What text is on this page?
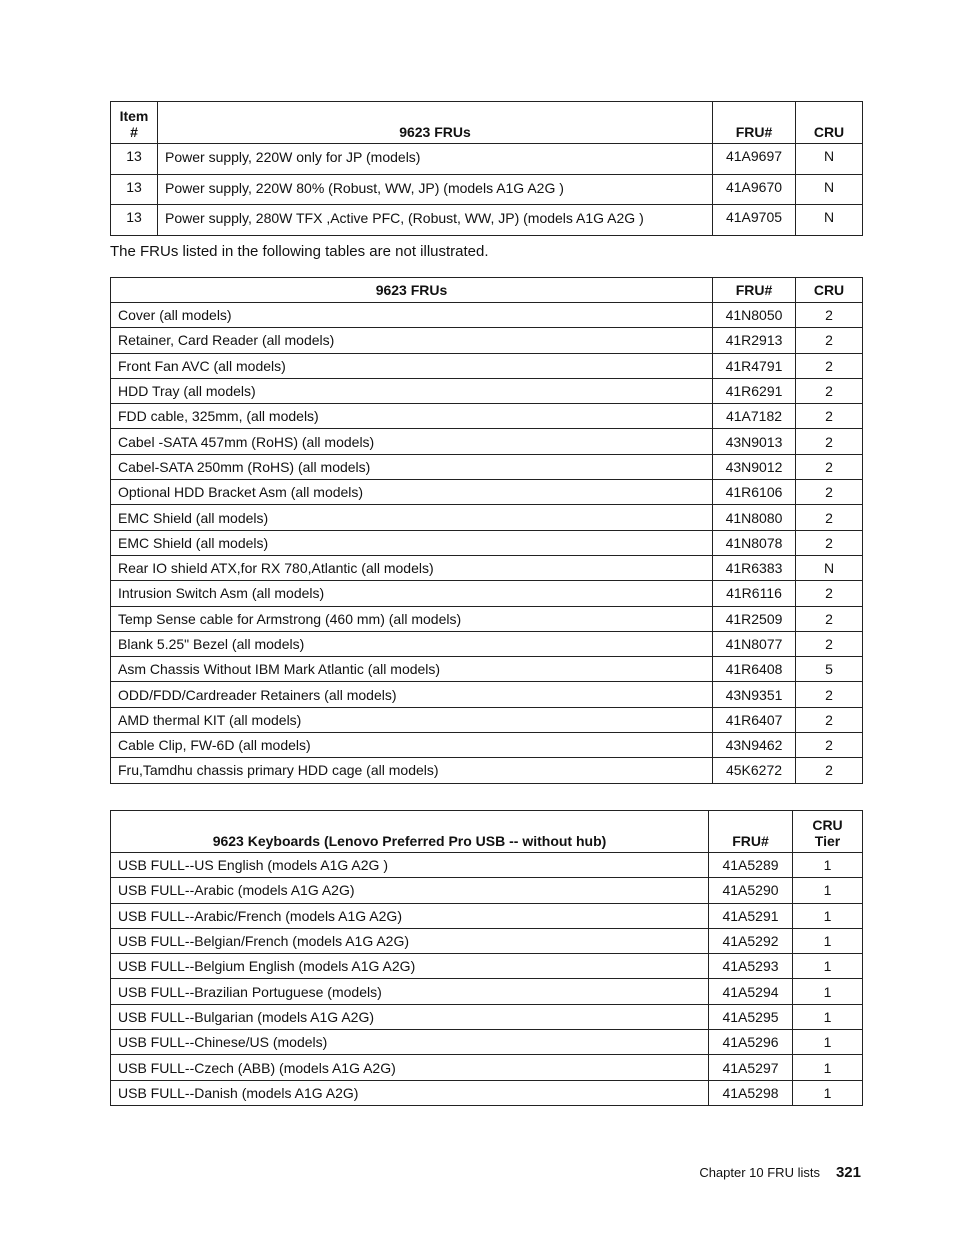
Item
#	9623 FRUs	FRU#	CRU
13	Power supply, 220W only for JP (models)	41A9697	N
13	Power supply, 220W 80% (Robust, WW, JP) (models A1G A2G )	41A9670	N
13	Power supply, 280W TFX ,Active PFC, (Robust, WW, JP) (models A1G A2G )	41A9705	N
The FRUs listed in the following tables are not illustrated.
9623 FRUs	FRU#	CRU
Cover (all models)	41N8050	2
Retainer, Card Reader (all models)	41R2913	2
Front Fan AVC (all models)	41R4791	2
HDD Tray (all models)	41R6291	2
FDD cable, 325mm, (all models)	41A7182	2
Cabel -SATA 457mm (RoHS) (all models)	43N9013	2
Cabel-SATA 250mm (RoHS) (all models)	43N9012	2
Optional HDD Bracket Asm (all models)	41R6106	2
EMC Shield (all models)	41N8080	2
EMC Shield (all models)	41N8078	2
Rear IO shield ATX,for RX 780,Atlantic (all models)	41R6383	N
Intrusion Switch Asm (all models)	41R6116	2
Temp Sense cable for Armstrong (460 mm) (all models)	41R2509	2
Blank 5.25" Bezel (all models)	41N8077	2
Asm Chassis Without IBM Mark Atlantic (all models)	41R6408	5
ODD/FDD/Cardreader Retainers (all models)	43N9351	2
AMD thermal KIT (all models)	41R6407	2
Cable Clip, FW-6D (all models)	43N9462	2
Fru,Tamdhu chassis primary HDD cage (all models)	45K6272	2
9623 Keyboards (Lenovo Preferred Pro USB -- without hub)	FRU#	CRU
Tier
USB FULL--US English (models A1G A2G )	41A5289	1
USB FULL--Arabic (models A1G A2G)	41A5290	1
USB FULL--Arabic/French (models A1G A2G)	41A5291	1
USB FULL--Belgian/French (models A1G A2G)	41A5292	1
USB FULL--Belgium English (models A1G A2G)	41A5293	1
USB FULL--Brazilian Portuguese (models)	41A5294	1
USB FULL--Bulgarian (models A1G A2G)	41A5295	1
USB FULL--Chinese/US (models)	41A5296	1
USB FULL--Czech (ABB) (models A1G A2G)	41A5297	1
USB FULL--Danish (models A1G A2G)	41A5298	1
Chapter 10 FRU lists 321
